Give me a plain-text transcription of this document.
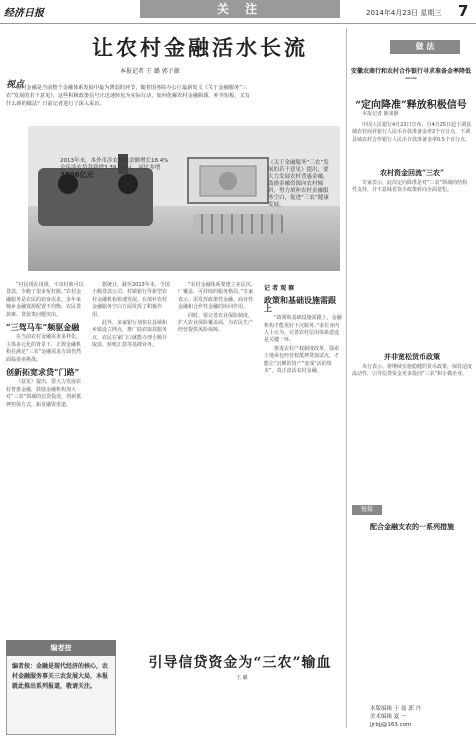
经济日报	关 注	2014年4月23日 星期三 7
让农村金融活水长流
本报记者 王 璐 郭子源
视点
农村金融是当前整个金融体系发展中最为薄弱的环节，随着国务院办公厅最新发文《关于金融服务“三农”发展的若干意见》，这些积极政策信号正迅速转化为实际行动，如何化解农村金融瓶颈、补齐短板，又有什么新的做法？日前记者进行了深入采访。
2013年末，本外币涉农贷款余额增长18.4%
全年涉农贷款新增3.39万亿元，同比多增
3806亿元
《关于金融服务“三农”发展的若干意见》提出，要大力发展农村普惠金融，鼓励金融资源向农村倾斜，努力填补农村金融服务空白，促进“三农”健康发展。

“村民现在用钱，不出村就可以贷款，少跑了很多冤枉路。”农村金融服务是农民的切身需求，多年来城乡金融资源配置不均衡，农民贷款难、贷款贵问题突出。

“三驾马车”频驱金融

在当前农村金融需求多样化、主体多元化的背景下，正规金融机构在满足“三农”金融需求方面仍然面临诸多挑战。

创新拓宽求贷“门路”

《意见》提出，要大力发展农村普惠金融，鼓励金融机构加大对“三农”领域的信贷投放，创新抵押担保方式，拓宽融资渠道。

据统计，截至2013年末，全国小额贷款公司、村镇银行等新型农村金融机构快速发展，在填补农村金融服务空白方面发挥了积极作用。

此外，多家银行加快在县域和乡镇设立网点，推广助农取款服务点，农民在家门口就能办理小额存取款、转账汇款等基础业务。

“农村金融体系要建立多层次、广覆盖、可持续的服务格局。”专家表示，需发挥政策性金融、商业性金融和合作性金融的协同作用。

同时，要完善农业保险制度，扩大农业保险覆盖面，为农民生产经营提供风险保障。

记 者 观 察
政策和基础设施需跟上

“政策和基础设施需跟上，金融机构才能更好下沉服务。”多位业内人士认为，完善农村信用体系建设是关键一环。

推进农村产权制度改革，探索土地承包经营权抵押贷款试点，才能让“沉睡的资产”变成“活的资本”，真正盘活农村金融。

编者按
编者按：金融是现代经济的核心，农村金融服务事关三农发展大局，本报就此推出系列报道，敬请关注。
引导信贷资金为“三农”输血
王 璐
做 法
安徽农商行和农村合作银行寻求准备金率降低——
“定向降准”释放积极信号
本报记者 陈果静

中国人民银行4月22日宣布，自4月25日起下调县域农村商业银行人民币存款准备金率2个百分点，下调县域农村合作银行人民币存款准备金率0.5个百分点。

农村资金回流“三农”

专家表示，此次定向降准是对“三农”领域的结构性支持，并不意味着货币政策转向全面宽松。

并非宽松货币政策

央行表示，将继续实施稳健的货币政策，保持适度流动性，引导信贷资金更多投向“三农”和小微企业。

链接
配合金融支农的一系列措施
本版编辑 于 瑶 郭 丹
美术编辑 夏 一
jjrbjj@163.com
